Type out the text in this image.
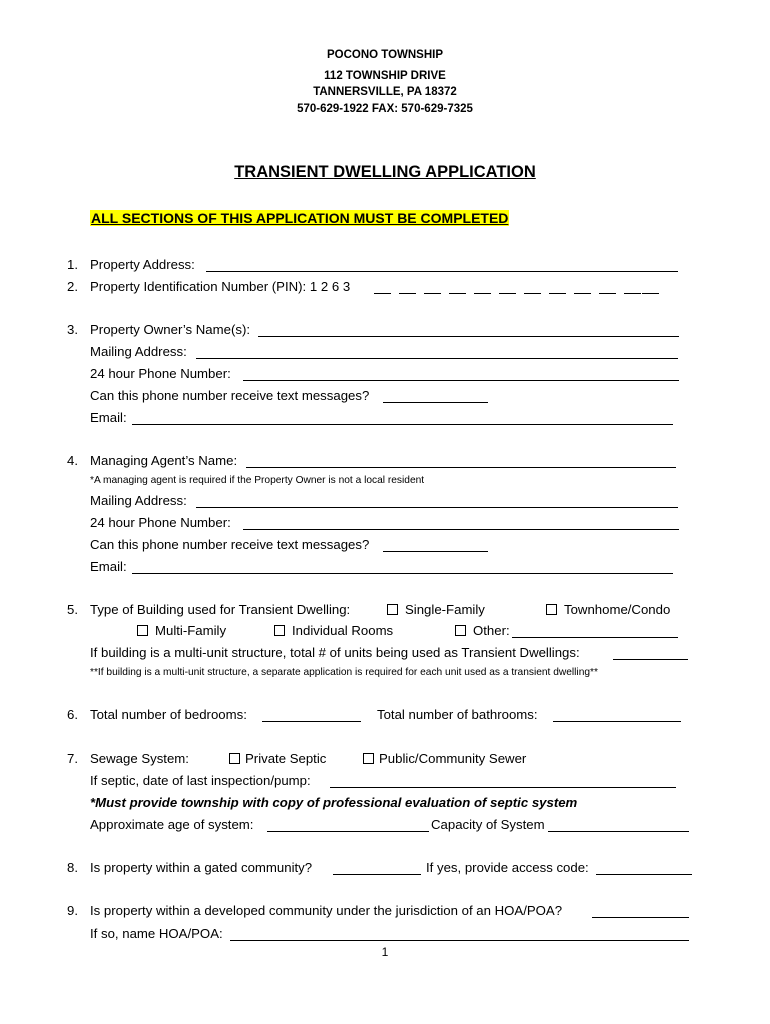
POCONO TOWNSHIP
112 TOWNSHIP DRIVE
TANNERSVILLE, PA 18372
570-629-1922 FAX: 570-629-7325
TRANSIENT DWELLING APPLICATION
ALL SECTIONS OF THIS APPLICATION MUST BE COMPLETED
1. Property Address:
2. Property Identification Number (PIN): 1 2 6 3
3. Property Owner’s Name(s):
Mailing Address:
24 hour Phone Number:
Can this phone number receive text messages?
Email:
4. Managing Agent’s Name:
*A managing agent is required if the Property Owner is not a local resident
Mailing Address:
24 hour Phone Number:
Can this phone number receive text messages?
Email:
5. Type of Building used for Transient Dwelling:	Single-Family	Townhome/Condo
Multi-Family	Individual Rooms	Other:
If building is a multi-unit structure, total # of units being used as Transient Dwellings:
**If building is a multi-unit structure, a separate application is required for each unit used as a transient dwelling**
6. Total number of bedrooms:	Total number of bathrooms:
7. Sewage System:	Private Septic	Public/Community Sewer
If septic, date of last inspection/pump:
*Must provide township with copy of professional evaluation of septic system
Approximate age of system:	Capacity of System
8. Is property within a gated community?	If yes, provide access code:
9. Is property within a developed community under the jurisdiction of an HOA/POA?
If so, name HOA/POA:
1
